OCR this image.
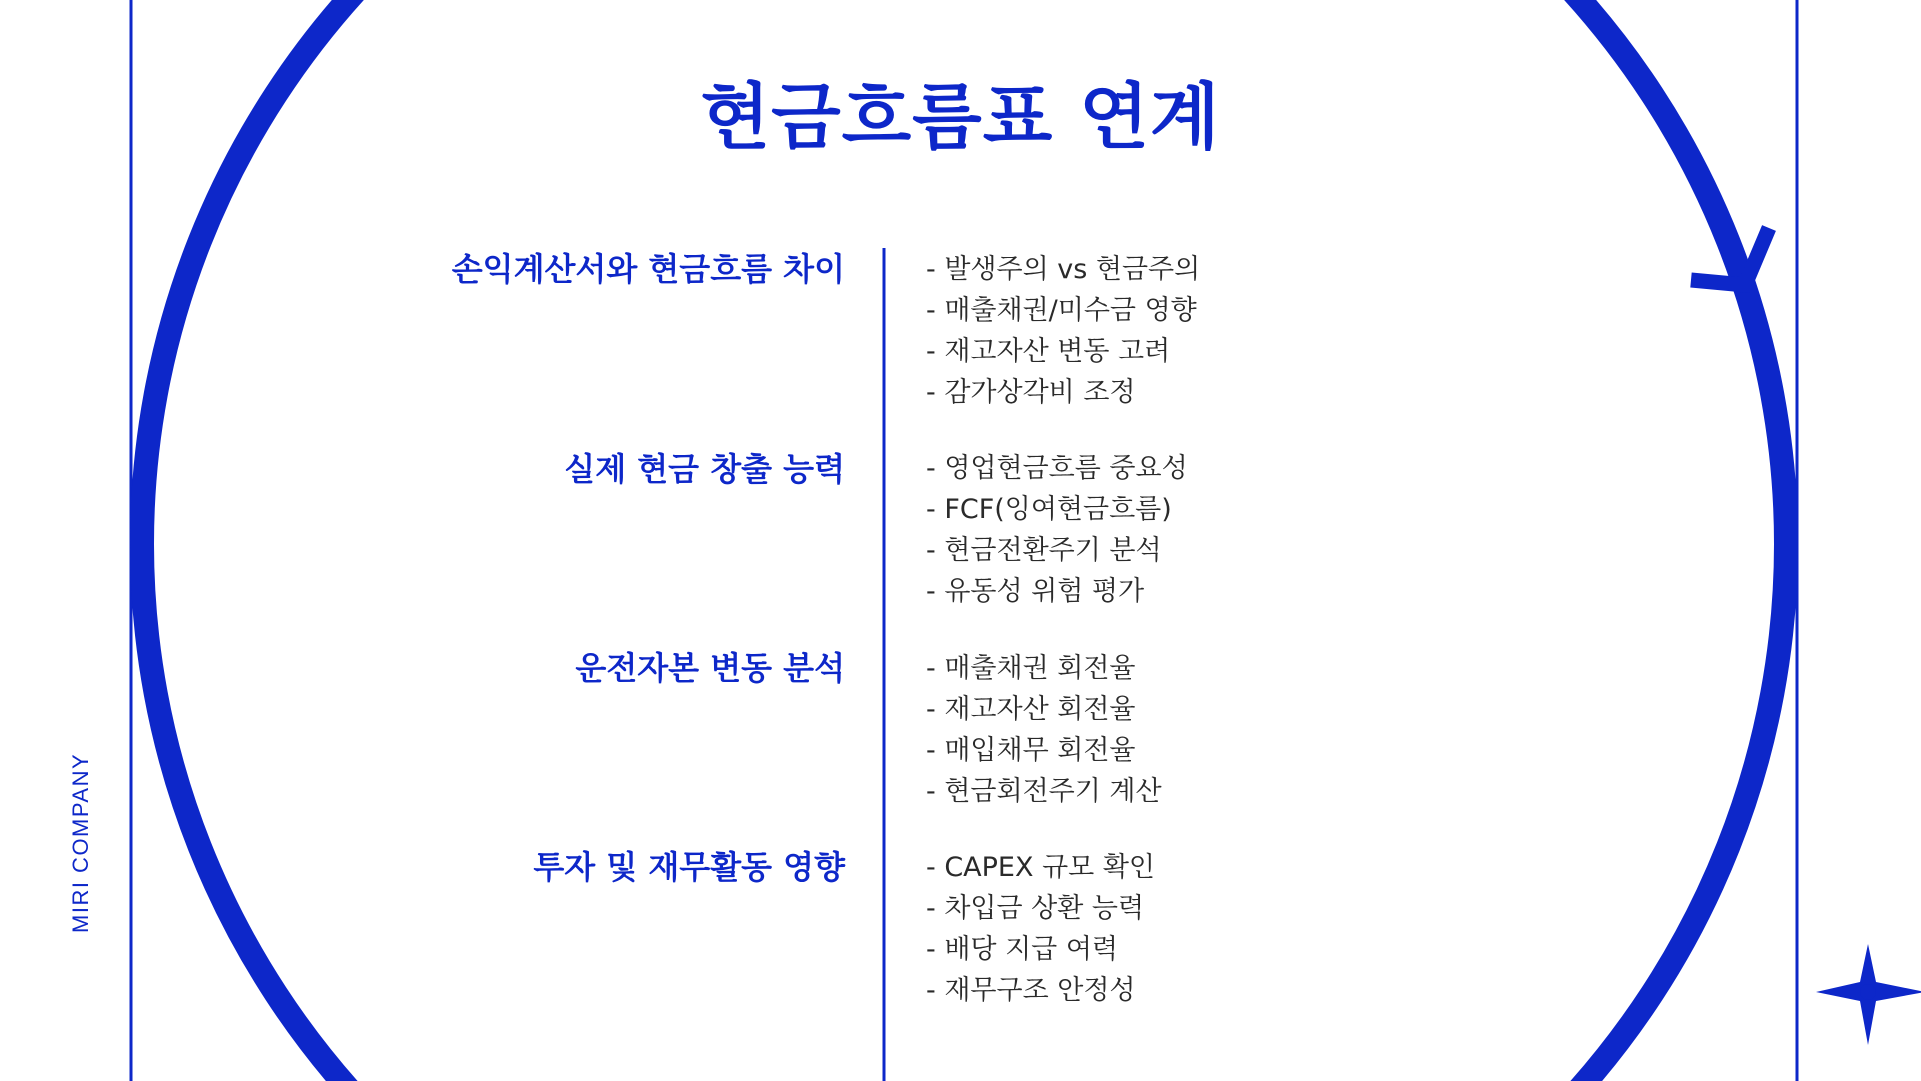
현금흐름표 연계
MIRI COMPANY
손익계산서와 현금흐름 차이	- 발생주의 vs 현금주의
- 매출채권/미수금 영향
- 재고자산 변동 고려
- 감가상각비 조정
실제 현금 창출 능력	- 영업현금흐름 중요성
- FCF(잉여현금흐름)
- 현금전환주기 분석
- 유동성 위험 평가
운전자본 변동 분석	- 매출채권 회전율
- 재고자산 회전율
- 매입채무 회전율
- 현금회전주기 계산
투자 및 재무활동 영향	- CAPEX 규모 확인
- 차입금 상환 능력
- 배당 지급 여력
- 재무구조 안정성
